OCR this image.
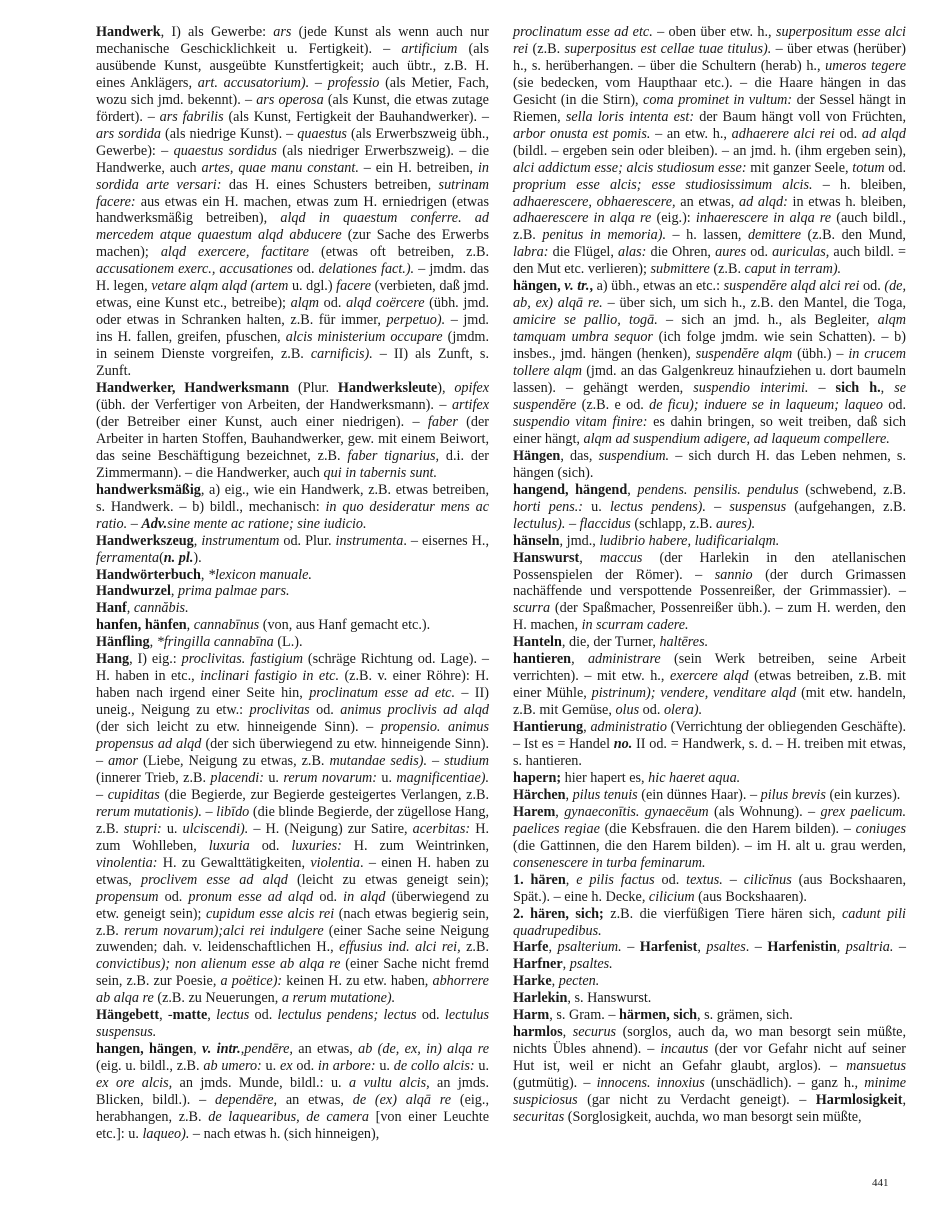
Handwerk, I) als Gewerbe: ars (jede Kunst als wenn auch nur mechanische Geschicklichkeit u. Fertigkeit). – artificium (als ausübende Kunst, ausgeübte Kunstfertigkeit; auch übtr., z.B. H. eines Anklägers, art. accusatorium). – professio (als Metier, Fach, wozu sich jmd. bekennt). – ars operosa (als Kunst, die etwas zutage fördert). – ars fabrilis (als Kunst, Fertigkeit der Bauhandwerker). – ars sordida (als niedrige Kunst). – quaestus (als Erwerbszweig übh., Gewerbe): – quaestus sordidus (als niedriger Erwerbszweig). – die Handwerke, auch artes, quae manu constant. – ein H. betreiben, in sordida arte versari: das H. eines Schusters betreiben, sutrinam facere: aus etwas ein H. machen, etwas zum H. erniedrigen (etwas handwerksmäßig betreiben), alqd in quaestum conferre. ad mercedem atque quaestum alqd abducere (zur Sache des Erwerbs machen); alqd exercere, factitare (etwas oft betreiben, z.B. accusationem exerc., accusationes od. delationes fact.). – jmdm. das H. legen, vetare alqm alqd (artem u. dgl.) facere (verbieten, daß jmd. etwas, eine Kunst etc., betreibe); alqm od. alqd coërcere (übh. jmd. oder etwas in Schranken halten, z.B. für immer, perpetuo). – jmd. ins H. fallen, greifen, pfuschen, alcis ministerium occupare (jmdm. in seinem Dienste vorgreifen, z.B. carnificis). – II) als Zunft, s. Zunft.

Handwerker, Handwerksmann (Plur. Handwerksleute), opifex (übh. der Verfertiger von Arbeiten, der Handwerksmann). – artifex (der Betreiber einer Kunst, auch einer niedrigen). – faber (der Arbeiter in harten Stoffen, Bauhandwerker, gew. mit einem Beiwort, das seine Beschäftigung bezeichnet, z.B. faber tignarius, d.i. der Zimmermann). – die Handwerker, auch qui in tabernis sunt.

handwerksmäßig, a) eig., wie ein Handwerk, z.B. etwas betreiben, s. Handwerk. – b) bildl., mechanisch: in quo desideratur mens ac ratio. – Adv.sine mente ac ratione; sine iudicio.

Handwerkszeug, instrumentum od. Plur. instrumenta. – eisernes H., ferramenta(n. pl.).

Handwörterbuch, *lexicon manuale.

Handwurzel, prima palmae pars.

Hanf, cannăbis.

hanfen, hänfen, cannabīnus (von, aus Hanf gemacht etc.).

Hänfling, *fringilla cannabīna (L.).

Hang, I) eig.: proclivitas. fastigium (schräge Richtung od. Lage). – H. haben in etc., inclinari fastigio in etc. (z.B. v. einer Röhre): H. haben nach irgend einer Seite hin, proclinatum esse ad etc. – II) uneig., Neigung zu etw.: proclivitas od. animus proclivis ad alqd (der sich leicht zu etw. hinneigende Sinn). – propensio. animus propensus ad alqd (der sich überwiegend zu etw. hinneigende Sinn). – amor (Liebe, Neigung zu etwas, z.B. mutandae sedis). – studium (innerer Trieb, z.B. placendi: u. rerum novarum: u. magnificentiae). – cupiditas (die Begierde, zur Begierde gesteigertes Verlangen, z.B. rerum mutationis). – libīdo (die blinde Begierde, der zügellose Hang, z.B. stupri: u. ulciscendi). – H. (Neigung) zur Satire, acerbitas: H. zum Wohlleben, luxuria od. luxuries: H. zum Weintrinken, vinolentia: H. zu Gewalttätigkeiten, violentia. – einen H. haben zu etwas, proclivem esse ad alqd (leicht zu etwas geneigt sein); propensum od. pronum esse ad alqd od. in alqd (überwiegend zu etw. geneigt sein); cupidum esse alcis rei (nach etwas begierig sein, z.B. rerum novarum);alci rei indulgere (einer Sache seine Neigung zuwenden; dah. v. leidenschaftlichen H., effusius ind. alci rei, z.B. convictibus); non alienum esse ab alqa re (einer Sache nicht fremd sein, z.B. zur Poesie, a poëtice): keinen H. zu etw. haben, abhorrere ab alqa re (z.B. zu Neuerungen, a rerum mutatione).

Hängebett, -matte, lectus od. lectulus pendens; lectus od. lectulus suspensus.

hangen, hängen, v. intr.,pendēre, an etwas, ab (de, ex, in) alqa re (eig. u. bildl., z.B. ab umero: u. ex od. in arbore: u. de collo alcis: u. ex ore alcis, an jmds. Munde, bildl.: u. a vultu alcis, an jmds. Blicken, bildl.). – dependēre, an etwas, de (ex) alqā re (eig., herabhangen, z.B. de laquearibus, de camera [von einer Leuchte etc.]: u. laqueo). – nach etwas h. (sich hinneigen),

proclinatum esse ad etc. – oben über etw. h., superpositum esse alci rei (z.B. superpositus est cellae tuae titulus). – über etwas (herüber) h., s. herüberhangen. – über die Schultern (herab) h., umeros tegere (sie bedecken, vom Haupthaar etc.). – die Haare hängen in das Gesicht (in die Stirn), coma prominet in vultum: der Sessel hängt in Riemen, sella loris intenta est: der Baum hängt voll von Früchten, arbor onusta est pomis. – an etw. h., adhaerere alci rei od. ad alqd (bildl. – ergeben sein oder bleiben). – an jmd. h. (ihm ergeben sein), alci addictum esse; alcis studiosum esse: mit ganzer Seele, totum od. proprium esse alcis; esse studiosissimum alcis. – h. bleiben, adhaerescere, obhaerescere, an etwas, ad alqd: in etwas h. bleiben, adhaerescere in alqa re (eig.): inhaerescere in alqa re (auch bildl., z.B. penitus in memoria). – h. lassen, demittere (z.B. den Mund, labra: die Flügel, alas: die Ohren, aures od. auriculas, auch bildl. = den Mut etc. verlieren); submittere (z.B. caput in terram).

hängen, v. tr., a) übh., etwas an etc.: suspendĕre alqd alci rei od. (de, ab, ex) alqā re. – über sich, um sich h., z.B. den Mantel, die Toga, amicire se pallio, togā. – sich an jmd. h., als Begleiter, alqm tamquam umbra sequor (ich folge jmdm. wie sein Schatten). – b) insbes., jmd. hängen (henken), suspendĕre alqm (übh.) – in crucem tollere alqm (jmd. an das Galgenkreuz hinaufziehen u. dort baumeln lassen). – gehängt werden, suspendio interimi. – sich h., se suspendĕre (z.B. e od. de ficu); induere se in laqueum; laqueo od. suspendio vitam finire: es dahin bringen, so weit treiben, daß sich einer hängt, alqm ad suspendium adigere, ad laqueum compellere.

Hängen, das, suspendium. – sich durch H. das Leben nehmen, s. hängen (sich).

hangend, hängend, pendens. pensilis. pendulus (schwebend, z.B. horti pens.: u. lectus pendens). – suspensus (aufgehangen, z.B. lectulus). – flaccidus (schlapp, z.B. aures).

hänseln, jmd., ludibrio habere, ludificarialqm.

Hanswurst, maccus (der Harlekin in den atellanischen Possenspielen der Römer). – sannio (der durch Grimassen nachäffende und verspottende Possenreißer, der Grimmassier). – scurra (der Spaßmacher, Possenreißer übh.). – zum H. werden, den H. machen, in scurram cadere.

Hanteln, die, der Turner, haltēres.

hantieren, administrare (sein Werk betreiben, seine Arbeit verrichten). – mit etw. h., exercere alqd (etwas betreiben, z.B. mit einer Mühle, pistrinum); vendere, venditare alqd (mit etw. handeln, z.B. mit Gemüse, olus od. olera).

Hantierung, administratio (Verrichtung der obliegenden Geschäfte). – Ist es = Handel no. II od. = Handwerk, s. d. – H. treiben mit etwas, s. hantieren.

hapern; hier hapert es, hic haeret aqua.

Härchen, pilus tenuis (ein dünnes Haar). – pilus brevis (ein kurzes).

Harem, gynaeconītis. gynaecēum (als Wohnung). – grex paelicum. paelices regiae (die Kebsfrauen. die den Harem bilden). – coniuges (die Gattinnen, die den Harem bilden). – im H. alt u. grau werden, consenescere in turba feminarum.

1. hären, e pilis factus od. textus. – cilicĭnus (aus Bockshaaren, Spät.). – eine h. Decke, cilicium (aus Bockshaaren).

2. hären, sich; z.B. die vierfüßigen Tiere hären sich, cadunt pili quadrupedibus.

Harfe, psalterium. – Harfenist, psaltes. – Harfenistin, psaltria. – Harfner, psaltes.

Harke, pecten.

Harlekin, s. Hanswurst.

Harm, s. Gram. – härmen, sich, s. grämen, sich.

harmlos, securus (sorglos, auch da, wo man besorgt sein müßte, nichts Übles ahnend). – incautus (der vor Gefahr nicht auf seiner Hut ist, weil er nicht an Gefahr glaubt, arglos). – mansuetus (gutmütig). – innocens. innoxius (unschädlich). – ganz h., minime suspiciosus (gar nicht zu Verdacht geneigt). – Harmlosigkeit, securitas (Sorglosigkeit, auchda, wo man besorgt sein müßte,

441
